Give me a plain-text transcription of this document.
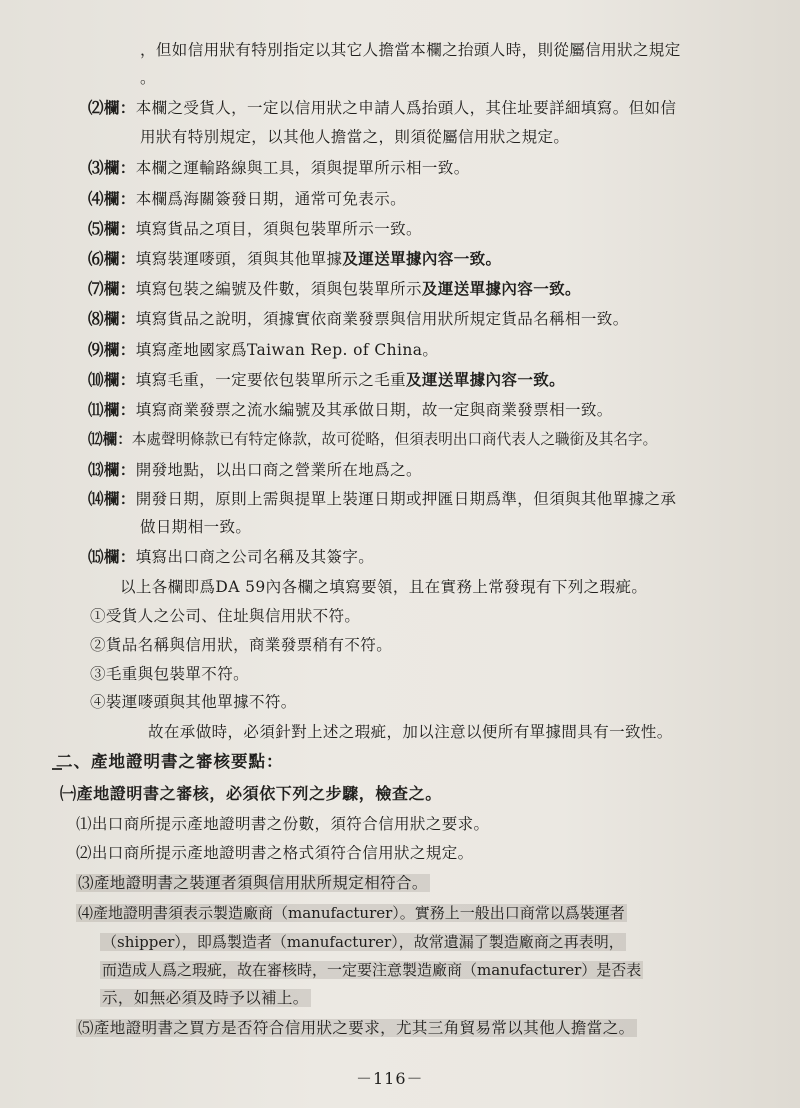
，但如信用狀有特別指定以其它人擔當本欄之抬頭人時，則從屬信用狀之規定
。
⑵欄：本欄之受貨人，一定以信用狀之申請人爲抬頭人，其住址要詳細填寫。但如信
用狀有特別規定，以其他人擔當之，則須從屬信用狀之規定。
⑶欄：本欄之運輸路線與工具，須與提單所示相一致。
⑷欄：本欄爲海關簽發日期，通常可免表示。
⑸欄：填寫貨品之項目，須與包裝單所示一致。
⑹欄：填寫裝運嘜頭，須與其他單據及運送單據內容一致。
⑺欄：填寫包裝之編號及件數，須與包裝單所示及運送單據內容一致。
⑻欄：填寫貨品之說明，須據實依商業發票與信用狀所規定貨品名稱相一致。
⑼欄：填寫產地國家爲Taiwan Rep. of China。
⑽欄：填寫毛重，一定要依包裝單所示之毛重及運送單據內容一致。
⑾欄：填寫商業發票之流水編號及其承做日期，故一定與商業發票相一致。
⑿欄：本處聲明條款已有特定條款，故可從略，但須表明出口商代表人之職銜及其名字。
⒀欄：開發地點，以出口商之營業所在地爲之。
⒁欄：開發日期，原則上需與提單上裝運日期或押匯日期爲準，但須與其他單據之承
做日期相一致。
⒂欄：填寫出口商之公司名稱及其簽字。
以上各欄即爲DA 59內各欄之填寫要領，且在實務上常發現有下列之瑕疵。
①受貨人之公司、住址與信用狀不符。
②貨品名稱與信用狀，商業發票稍有不符。
③毛重與包裝單不符。
④裝運嘜頭與其他單據不符。
故在承做時，必須針對上述之瑕疵，加以注意以便所有單據間具有一致性。
二、產地證明書之審核要點：
㈠產地證明書之審核，必須依下列之步驟，檢查之。
⑴出口商所提示產地證明書之份數，須符合信用狀之要求。
⑵出口商所提示產地證明書之格式須符合信用狀之規定。
⑶產地證明書之裝運者須與信用狀所規定相符合。
⑷產地證明書須表示製造廠商（manufacturer）。實務上一般出口商常以爲裝運者
（shipper），即爲製造者（manufacturer），故常遺漏了製造廠商之再表明，
而造成人爲之瑕疵，故在審核時，一定要注意製造廠商（manufacturer）是否表
示，如無必須及時予以補上。
⑸產地證明書之買方是否符合信用狀之要求，尤其三角貿易常以其他人擔當之。
－116－
